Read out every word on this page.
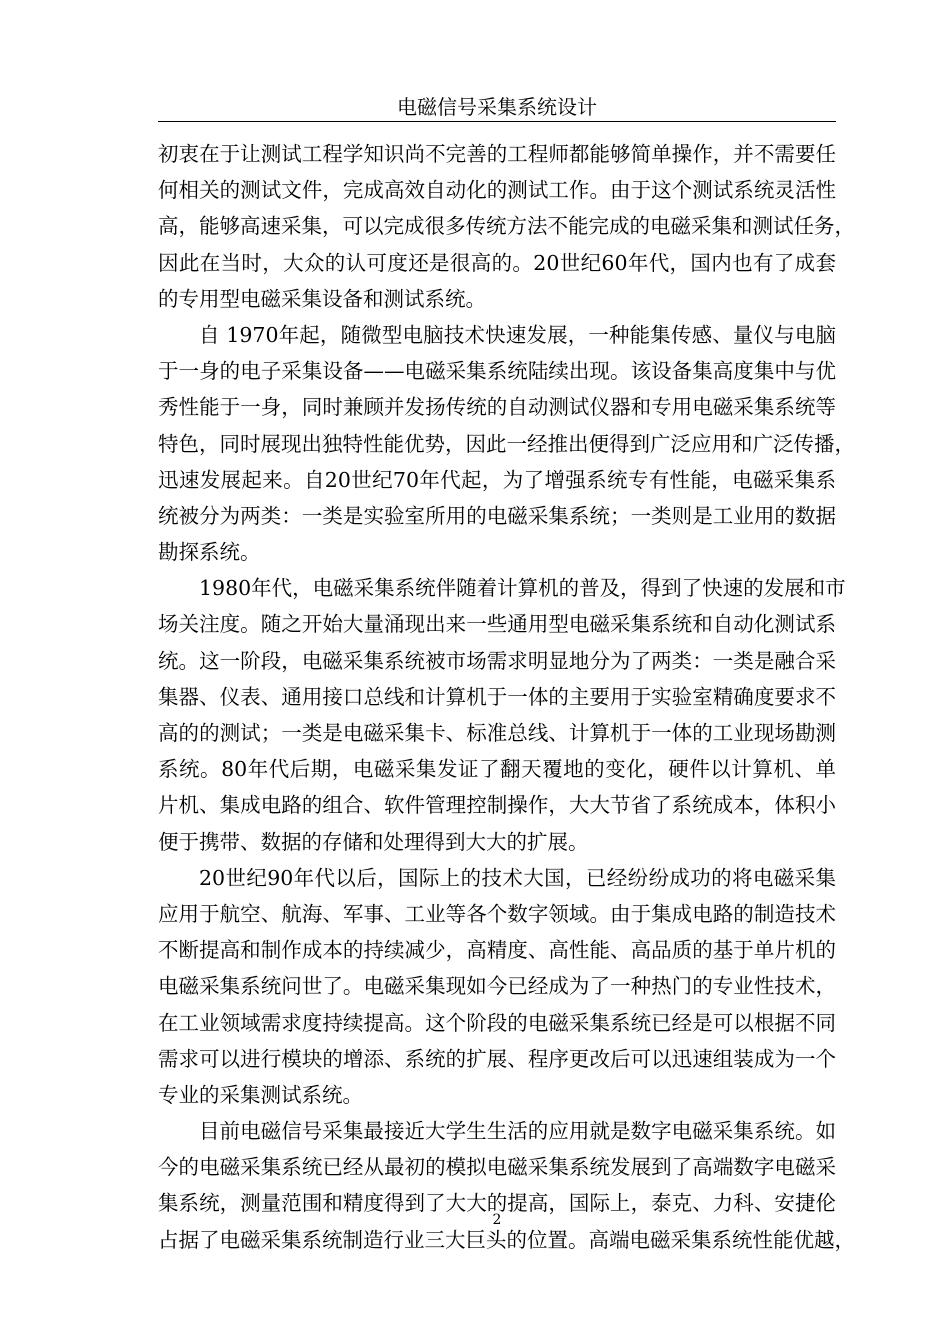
电磁信号采集系统设计
初衷在于让测试工程学知识尚不完善的工程师都能够简单操作，并不需要任
何相关的测试文件，完成高效自动化的测试工作。由于这个测试系统灵活性
高，能够高速采集，可以完成很多传统方法不能完成的电磁采集和测试任务，
因此在当时，大众的认可度还是很高的。20世纪60年代，国内也有了成套
的专用型电磁采集设备和测试系统。
自 1970年起，随微型电脑技术快速发展，一种能集传感、量仪与电脑
于一身的电子采集设备——电磁采集系统陆续出现。该设备集高度集中与优
秀性能于一身，同时兼顾并发扬传统的自动测试仪器和专用电磁采集系统等
特色，同时展现出独特性能优势，因此一经推出便得到广泛应用和广泛传播，
迅速发展起来。自20世纪70年代起，为了增强系统专有性能，电磁采集系
统被分为两类：一类是实验室所用的电磁采集系统；一类则是工业用的数据
勘探系统。
1980年代，电磁采集系统伴随着计算机的普及，得到了快速的发展和市
场关注度。随之开始大量涌现出来一些通用型电磁采集系统和自动化测试系
统。这一阶段，电磁采集系统被市场需求明显地分为了两类：一类是融合采
集器、仪表、通用接口总线和计算机于一体的主要用于实验室精确度要求不
高的的测试；一类是电磁采集卡、标准总线、计算机于一体的工业现场勘测
系统。80年代后期，电磁采集发证了翻天覆地的变化，硬件以计算机、单
片机、集成电路的组合、软件管理控制操作，大大节省了系统成本，体积小
便于携带、数据的存储和处理得到大大的扩展。
20世纪90年代以后，国际上的技术大国，已经纷纷成功的将电磁采集
应用于航空、航海、军事、工业等各个数字领域。由于集成电路的制造技术
不断提高和制作成本的持续减少，高精度、高性能、高品质的基于单片机的
电磁采集系统问世了。电磁采集现如今已经成为了一种热门的专业性技术，
在工业领域需求度持续提高。这个阶段的电磁采集系统已经是可以根据不同
需求可以进行模块的增添、系统的扩展、程序更改后可以迅速组装成为一个
专业的采集测试系统。
目前电磁信号采集最接近大学生生活的应用就是数字电磁采集系统。如
今的电磁采集系统已经从最初的模拟电磁采集系统发展到了高端数字电磁采
集系统，测量范围和精度得到了大大的提高，国际上，泰克、力科、安捷伦
占据了电磁采集系统制造行业三大巨头的位置。高端电磁采集系统性能优越，
2
